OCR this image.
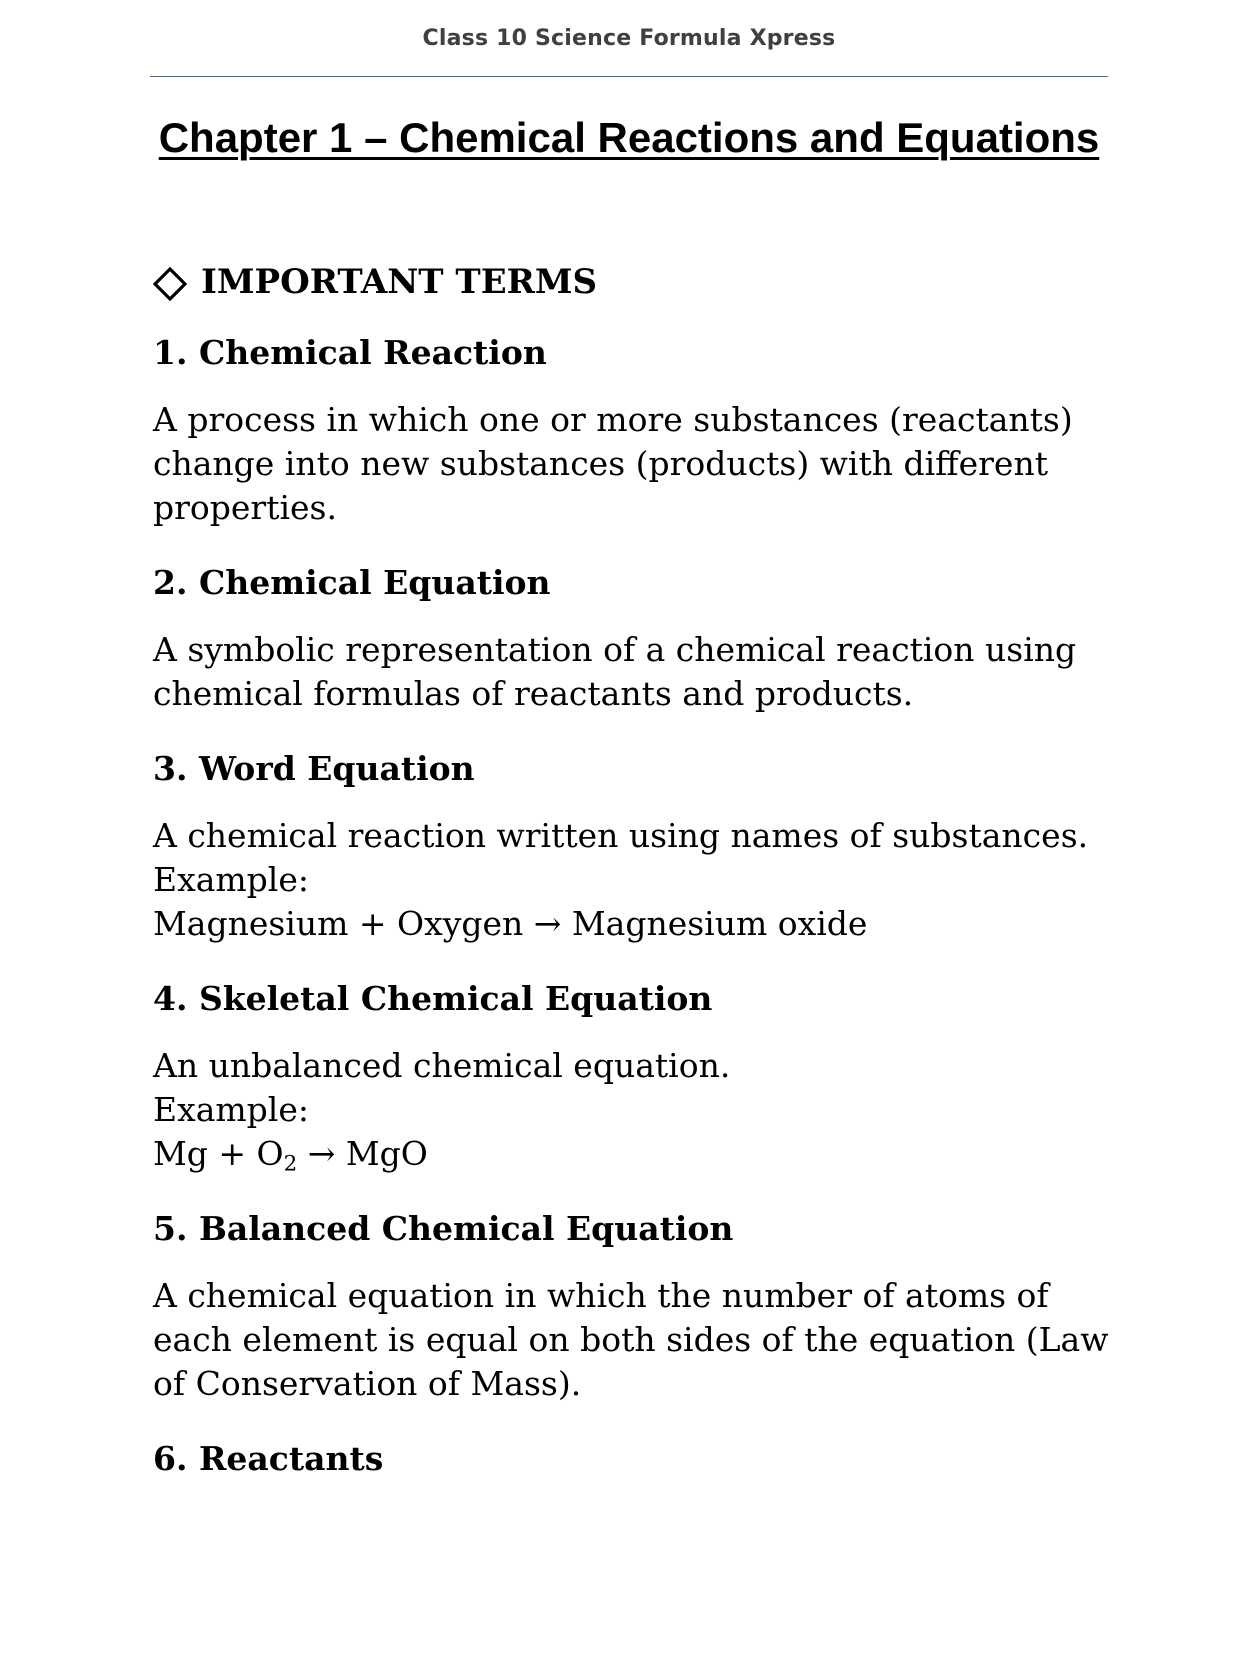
Class 10 Science Formula Xpress
Chapter 1 – Chemical Reactions and Equations
IMPORTANT TERMS
1. Chemical Reaction

A process in which one or more substances (reactants) change into new substances (products) with different properties.

2. Chemical Equation

A symbolic representation of a chemical reaction using chemical formulas of reactants and products.

3. Word Equation

A chemical reaction written using names of substances.

Example:

Magnesium + Oxygen → Magnesium oxide

4. Skeletal Chemical Equation

An unbalanced chemical equation.

Example:

$Mg + O_2$ → MgO

5. Balanced Chemical Equation

A chemical equation in which the number of atoms of each element is equal on both sides of the equation (Law of Conservation of Mass).

6. Reactants
